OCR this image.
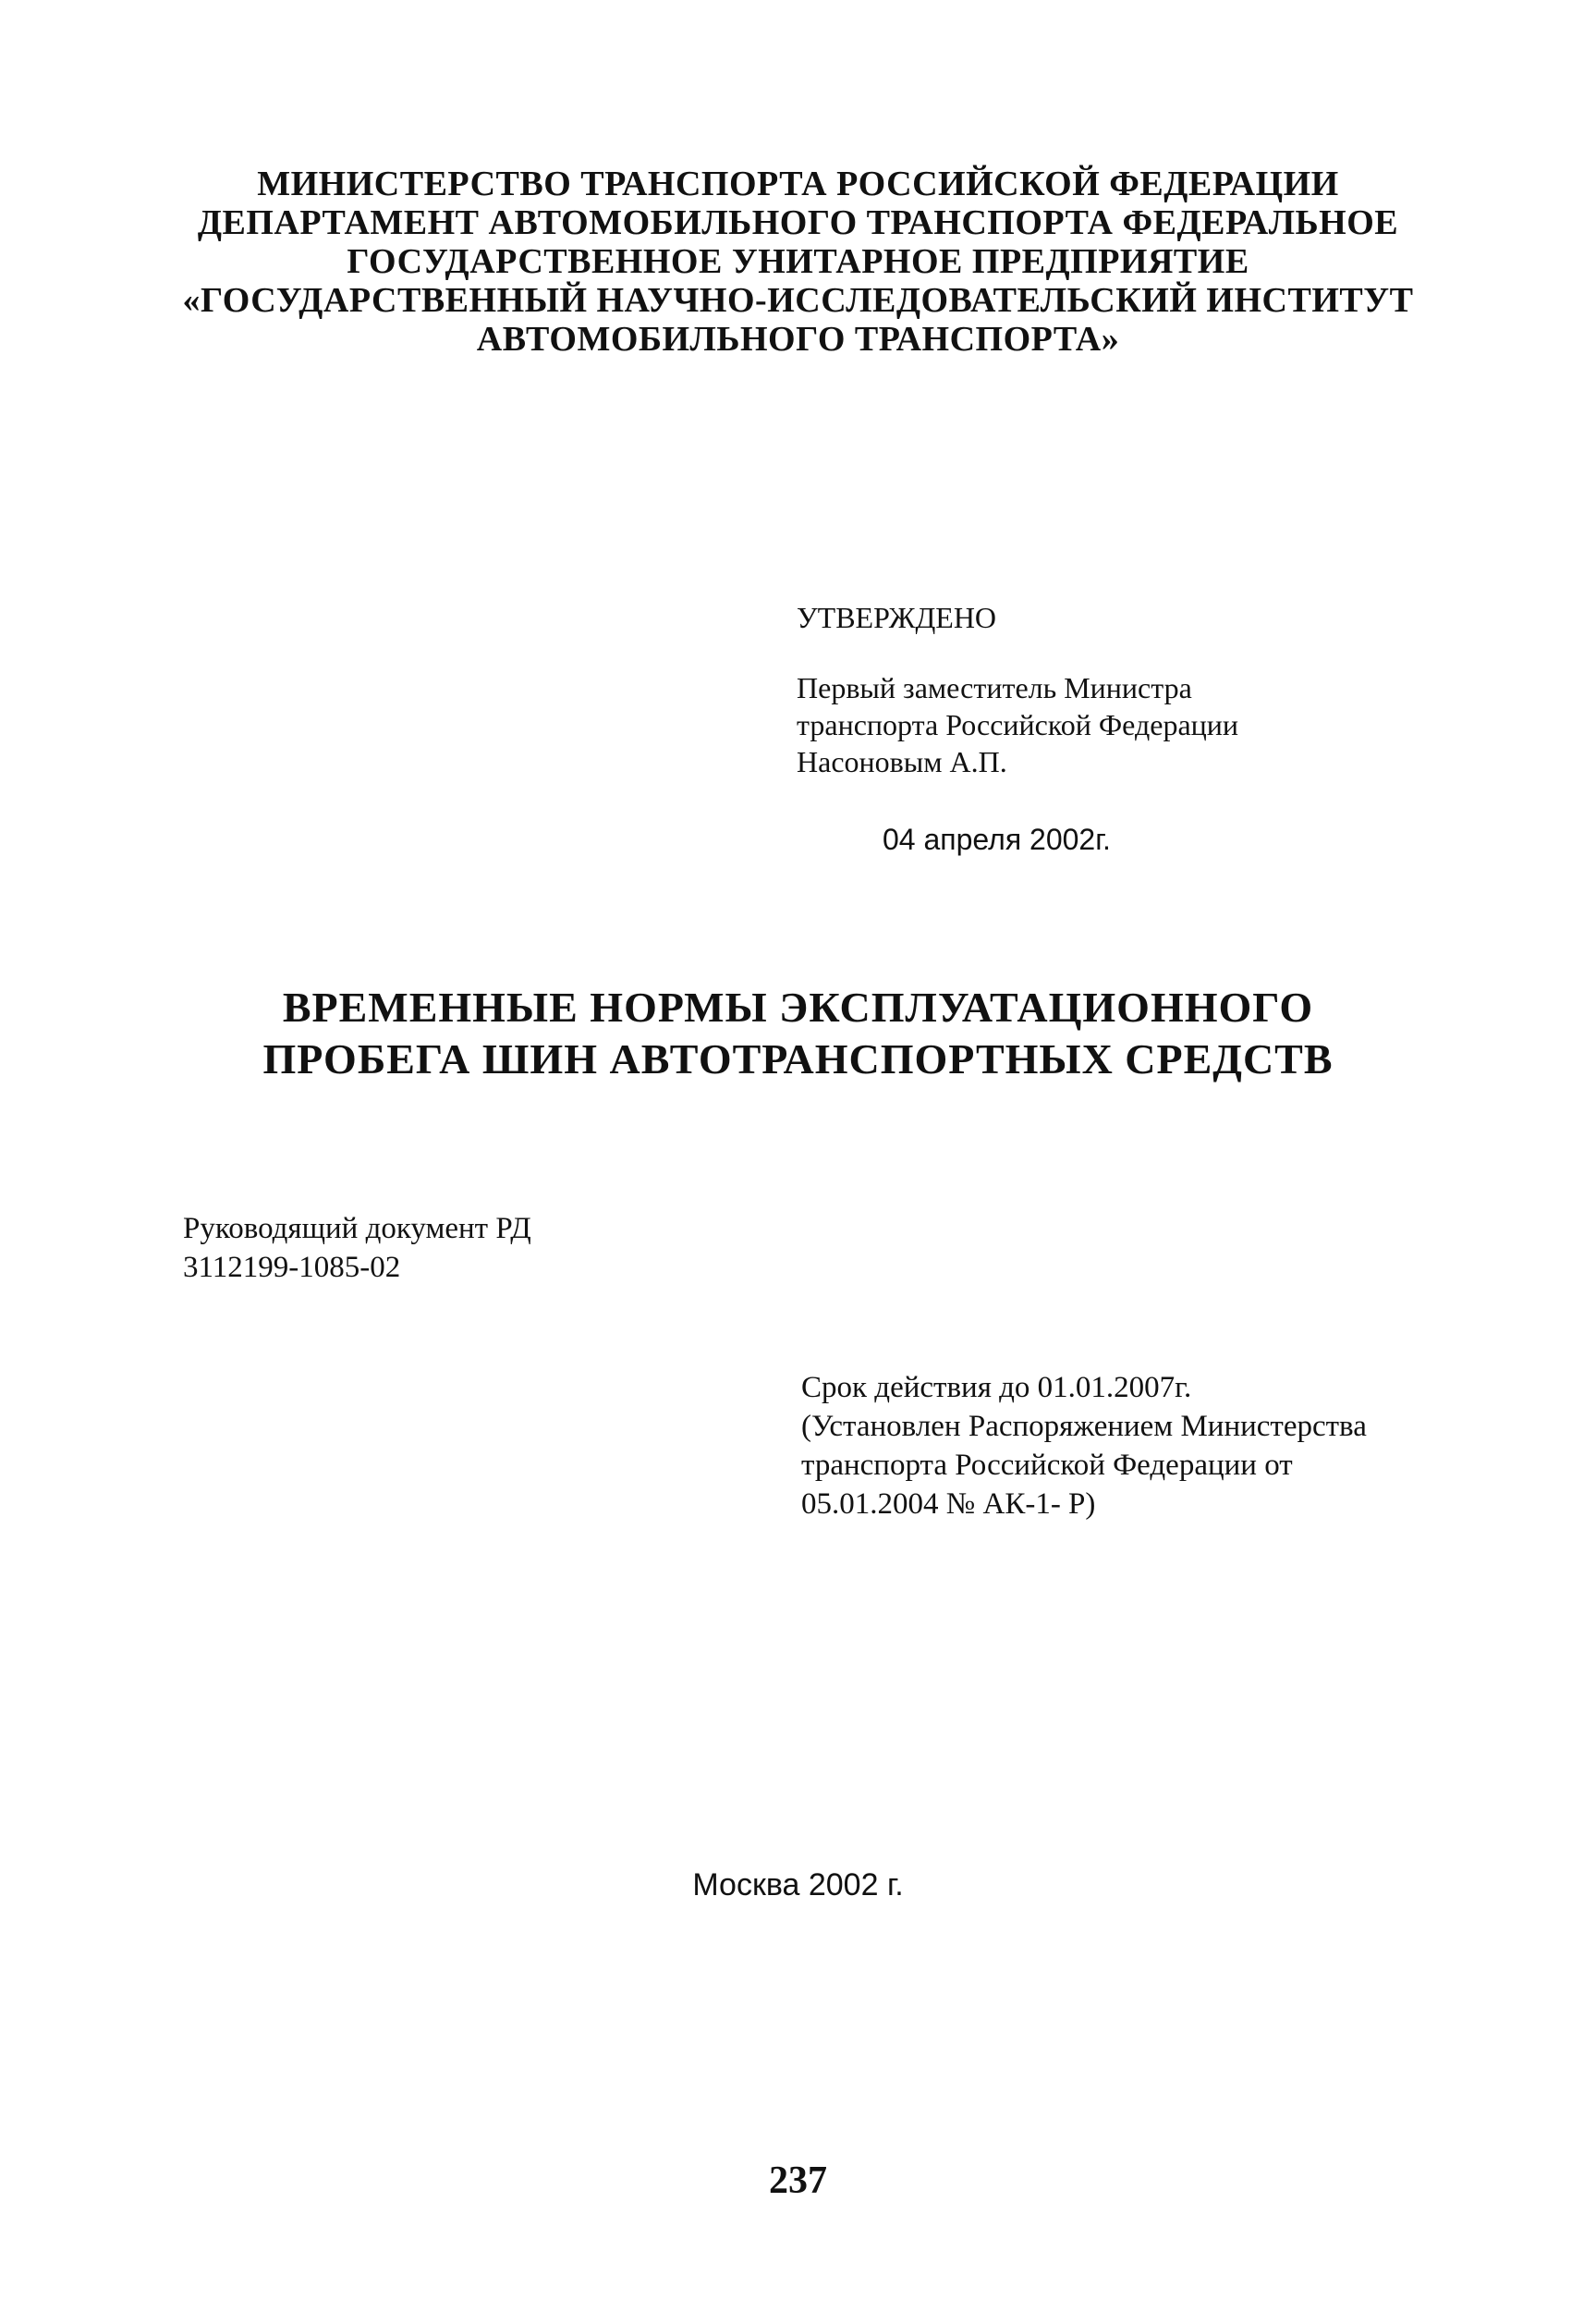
МИНИСТЕРСТВО ТРАНСПОРТА РОССИЙСКОЙ ФЕДЕРАЦИИ
ДЕПАРТАМЕНТ АВТОМОБИЛЬНОГО ТРАНСПОРТА ФЕДЕРАЛЬНОЕ
ГОСУДАРСТВЕННОЕ УНИТАРНОЕ ПРЕДПРИЯТИЕ
«ГОСУДАРСТВЕННЫЙ НАУЧНО-ИССЛЕДОВАТЕЛЬСКИЙ ИНСТИТУТ
АВТОМОБИЛЬНОГО ТРАНСПОРТА»
УТВЕРЖДЕНО
Первый заместитель Министра
транспорта Российской Федерации
Насоновым А.П.
04 апреля 2002г.
ВРЕМЕННЫЕ НОРМЫ ЭКСПЛУАТАЦИОННОГО
ПРОБЕГА ШИН АВТОТРАНСПОРТНЫХ СРЕДСТВ
Руководящий документ РД
3112199-1085-02
Срок действия до 01.01.2007г.
(Установлен Распоряжением Министерства
транспорта Российской Федерации от
05.01.2004 № АК-1- Р)
Москва 2002 г.
237
